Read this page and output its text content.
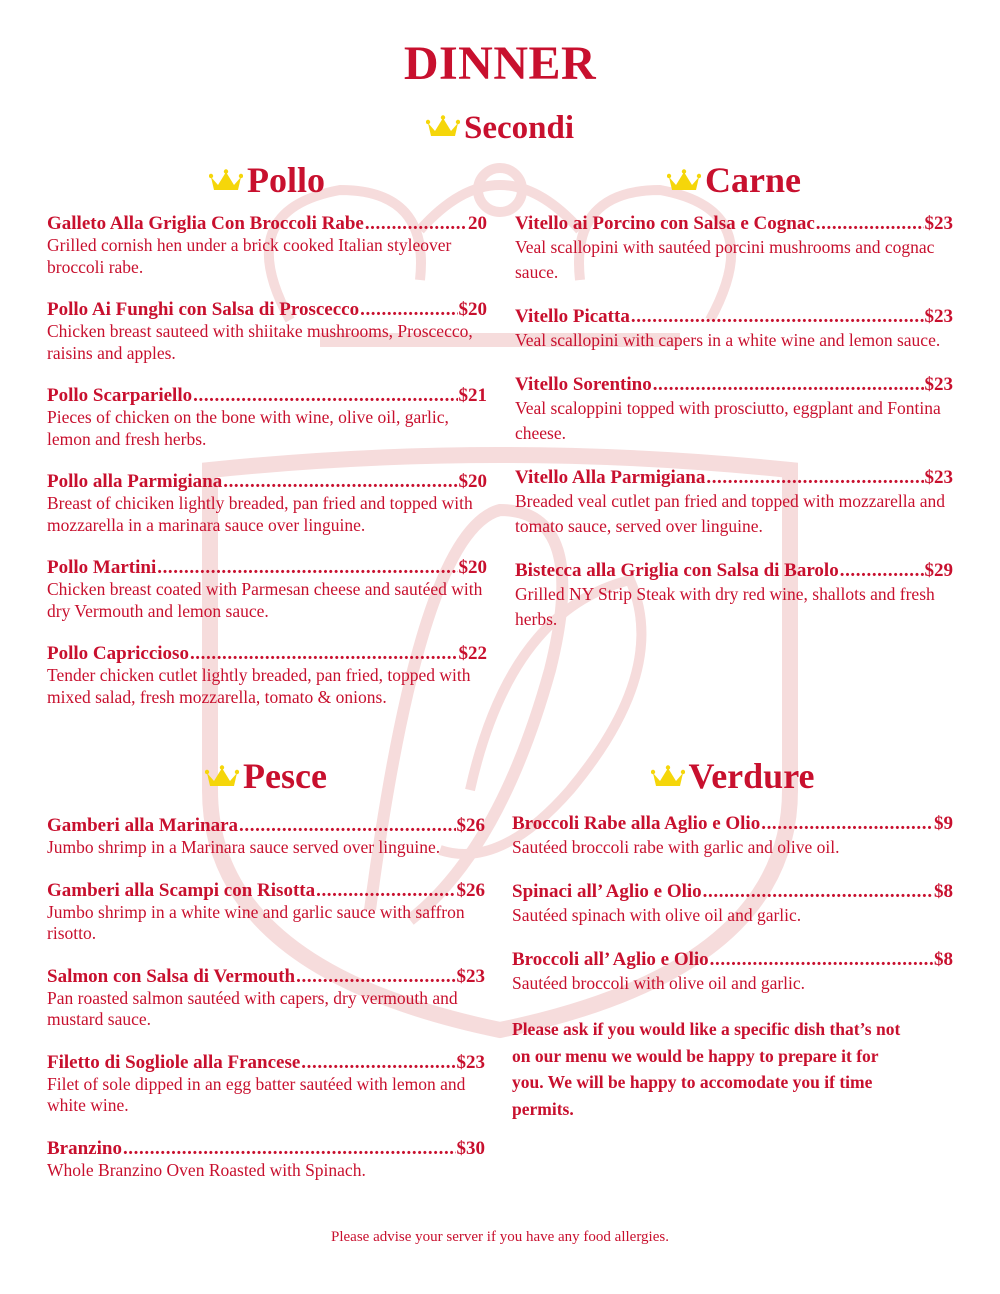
DINNER
Secondi
Pollo
Galleto Alla Griglia Con Broccoli Rabe .....	20
Grilled cornish hen under a brick cooked Italian styleover broccoli rabe.
Pollo Ai Funghi con Salsa di Proscecco .....	$20
Chicken breast sauteed with shiitake mushrooms, Proscecco, raisins and apples.
Pollo Scarpariello .....	$21
Pieces of chicken on the bone with wine, olive oil, garlic, lemon and fresh herbs.
Pollo alla Parmigiana .....	$20
Breast of chiciken lightly breaded, pan fried and topped with mozzarella in a marinara sauce over linguine.
Pollo Martini .....	$20
Chicken breast coated with Parmesan cheese and sautéed with dry Vermouth and lemon sauce.
Pollo Capriccioso .....	$22
Tender chicken cutlet lightly breaded, pan fried, topped with mixed salad, fresh mozzarella, tomato & onions.
Carne
Vitello ai Porcino con Salsa e Cognac .....	$23
Veal scallopini with sautéed porcini mushrooms and cognac sauce.
Vitello Picatta .....	$23
Veal scallopini with capers in a white wine and lemon sauce.
Vitello Sorentino .....	$23
Veal scaloppini topped with prosciutto, eggplant and Fontina cheese.
Vitello Alla Parmigiana .....	$23
Breaded veal cutlet pan fried and topped with mozzarella and tomato sauce, served over linguine.
Bistecca alla Griglia con Salsa di Barolo .....	$29
Grilled NY Strip Steak with dry red wine, shallots and fresh herbs.
Pesce
Gamberi alla Marinara .....	$26
Jumbo shrimp in a Marinara sauce served over linguine.
Gamberi alla Scampi con Risotta .....	$26
Jumbo shrimp in a white wine and garlic sauce with saffron risotto.
Salmon con Salsa di Vermouth .....	$23
Pan roasted salmon sautéed with capers, dry vermouth and mustard sauce.
Filetto di Sogliole alla Francese .....	$23
Filet of sole dipped in an egg batter sautéed with lemon and white wine.
Branzino .....	$30
Whole Branzino Oven Roasted with Spinach.
Verdure
Broccoli Rabe alla Aglio e Olio .....	$9
Sautéed broccoli rabe with garlic and olive oil.
Spinaci all’ Aglio e Olio .....	$8
Sautéed spinach with olive oil and garlic.
Broccoli all’ Aglio e Olio .....	$8
Sautéed broccoli with olive oil and garlic.
Please ask if you would like a specific dish that’s not on our menu we would be happy to prepare it for you. We will be happy to accomodate you if time permits.
Please advise your server if you have any food allergies.
